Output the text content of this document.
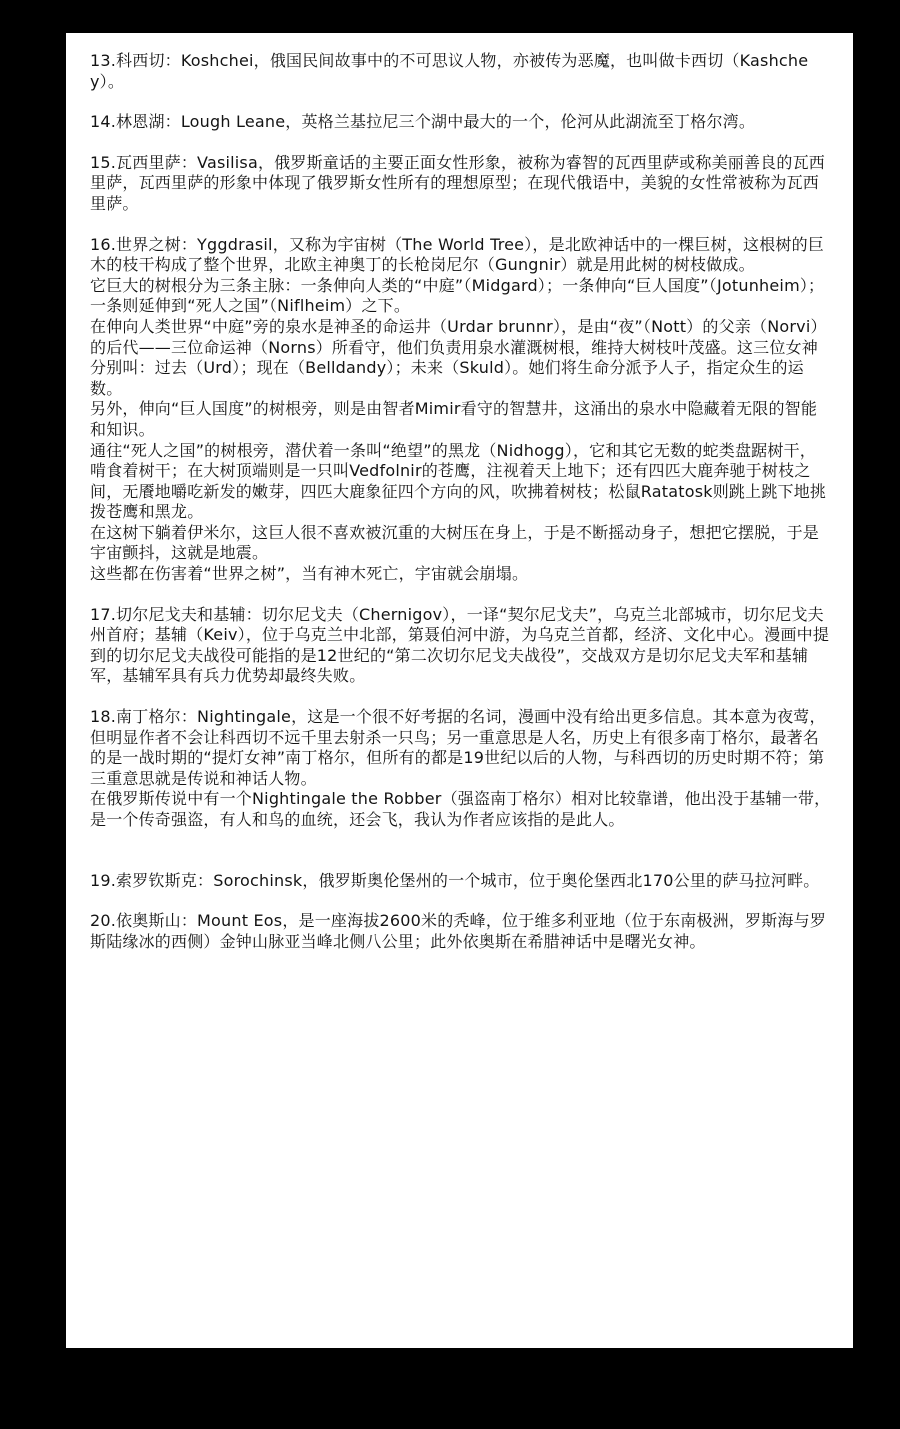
13.科西切：Koshchei，俄国民间故事中的不可思议人物，亦被传为恶魔，也叫做卡西切（Kashchey）。

14.林恩湖：Lough Leane，英格兰基拉尼三个湖中最大的一个，伦河从此湖流至丁格尔湾。

15.瓦西里萨：Vasilisa，俄罗斯童话的主要正面女性形象，被称为睿智的瓦西里萨或称美丽善良的瓦西里萨，瓦西里萨的形象中体现了俄罗斯女性所有的理想原型；在现代俄语中，美貌的女性常被称为瓦西里萨。

16.世界之树：Yggdrasil，又称为宇宙树（The World Tree），是北欧神话中的一棵巨树，这根树的巨木的枝干构成了整个世界，北欧主神奥丁的长枪岗尼尔（Gungnir）就是用此树的树枝做成。

它巨大的树根分为三条主脉：一条伸向人类的“中庭”（Midgard）；一条伸向“巨人国度”（Jotunheim）；一条则延伸到“死人之国”（Niflheim）之下。

在伸向人类世界“中庭”旁的泉水是神圣的命运井（Urdar brunnr），是由“夜”（Nott）的父亲（Norvi）的后代——三位命运神（Norns）所看守，他们负责用泉水灌溉树根，维持大树枝叶茂盛。这三位女神分别叫：过去（Urd）；现在（Belldandy）；未来（Skuld）。她们将生命分派予人子，指定众生的运数。

另外，伸向“巨人国度”的树根旁，则是由智者Mimir看守的智慧井，这涌出的泉水中隐藏着无限的智能和知识。

通往“死人之国”的树根旁，潜伏着一条叫“绝望”的黑龙（Nidhogg），它和其它无数的蛇类盘踞树干，啃食着树干；在大树顶端则是一只叫Vedfolnir的苍鹰，注视着天上地下；还有四匹大鹿奔驰于树枝之间，无餍地嚼吃新发的嫩芽，四匹大鹿象征四个方向的风，吹拂着树枝；松鼠Ratatosk则跳上跳下地挑拨苍鹰和黑龙。

在这树下躺着伊米尔，这巨人很不喜欢被沉重的大树压在身上，于是不断摇动身子，想把它摆脱，于是宇宙颤抖，这就是地震。

这些都在伤害着“世界之树”，当有神木死亡，宇宙就会崩塌。

17.切尔尼戈夫和基辅：切尔尼戈夫（Chernigov），一译“契尔尼戈夫”，乌克兰北部城市，切尔尼戈夫州首府；基辅（Keiv），位于乌克兰中北部，第聂伯河中游，为乌克兰首都，经济、文化中心。漫画中提到的切尔尼戈夫战役可能指的是12世纪的“第二次切尔尼戈夫战役”，交战双方是切尔尼戈夫军和基辅军，基辅军具有兵力优势却最终失败。

18.南丁格尔：Nightingale，这是一个很不好考据的名词，漫画中没有给出更多信息。其本意为夜莺，但明显作者不会让科西切不远千里去射杀一只鸟；另一重意思是人名，历史上有很多南丁格尔，最著名的是一战时期的“提灯女神”南丁格尔，但所有的都是19世纪以后的人物，与科西切的历史时期不符；第三重意思就是传说和神话人物。

在俄罗斯传说中有一个Nightingale the Robber（强盗南丁格尔）相对比较靠谱，他出没于基辅一带，是一个传奇强盗，有人和鸟的血统，还会飞，我认为作者应该指的是此人。

19.索罗钦斯克：Sorochinsk，俄罗斯奥伦堡州的一个城市，位于奥伦堡西北170公里的萨马拉河畔。

20.依奥斯山：Mount Eos，是一座海拔2600米的秃峰，位于维多利亚地（位于东南极洲，罗斯海与罗斯陆缘冰的西侧）金钟山脉亚当峰北侧八公里；此外依奥斯在希腊神话中是曙光女神。
